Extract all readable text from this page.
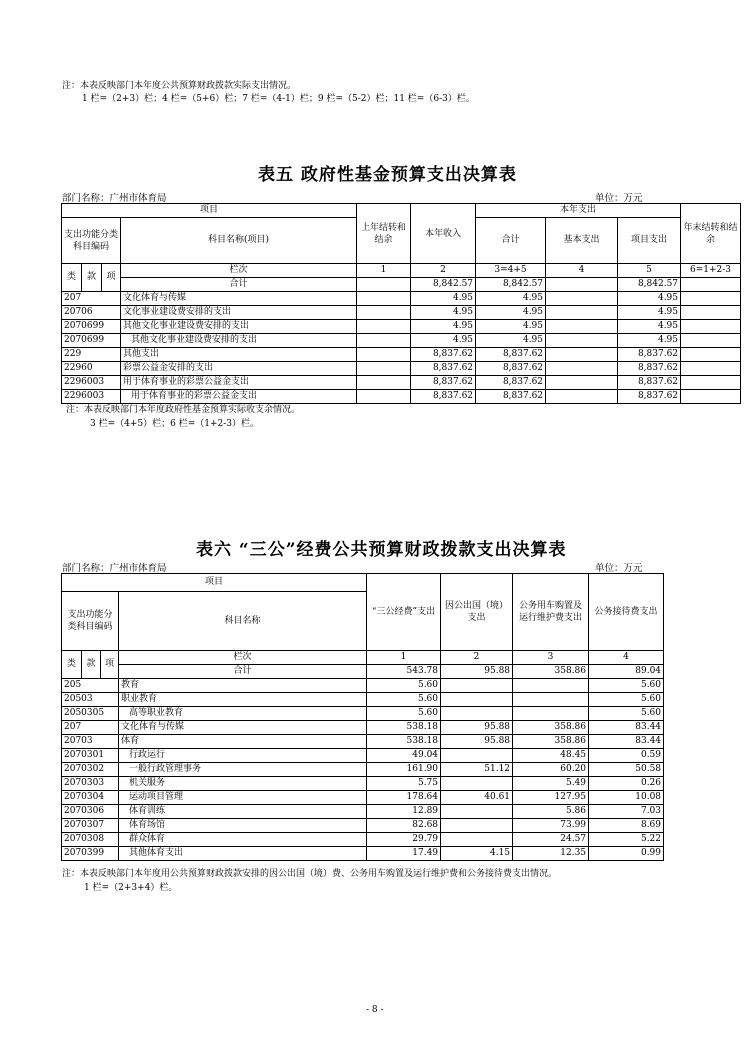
注：本表反映部门本年度公共预算财政拨款实际支出情况。
1 栏=（2+3）栏；4 栏=（5+6）栏；7 栏=（4-1）栏；9 栏=（5-2）栏；11 栏=（6-3）栏。
表五 政府性基金预算支出决算表
部门名称：广州市体育局	单位：万元
项目				上年结转和结余	本年收入	本年支出			年末结转和结余
支出功能分类科目编码			科目名称(项目)			合计	基本支出	项目支出	

类	款	项	栏次	1	2	3=4+5	4	5	6=1+2-3
			合计		8,842.57	8,842.57		8,842.57	
207			文化体育与传媒		4.95	4.95		4.95	
20706			文化事业建设费安排的支出		4.95	4.95		4.95	
2070699			其他文化事业建设费安排的支出		4.95	4.95		4.95	
2070699			其他文化事业建设费安排的支出		4.95	4.95		4.95	
229			其他支出		8,837.62	8,837.62		8,837.62	
22960			彩票公益金安排的支出		8,837.62	8,837.62		8,837.62	
2296003			用于体育事业的彩票公益金支出		8,837.62	8,837.62		8,837.62	
2296003			用于体育事业的彩票公益金支出		8,837.62	8,837.62		8,837.62	
注：本表反映部门本年度政府性基金预算实际收支余情况。
3 栏=（4+5）栏；6 栏=（1+2-3）栏。
表六 “三公”经费公共预算财政拨款支出决算表
部门名称：广州市体育局	单位：万元
项目				“三公经费”支出	因公出国（境）支出	公务用车购置及运行维护费支出	公务接待费支出
支出功能分类科目编码			科目名称				

类	款	项	栏次	1	2	3	4
			合计	543.78	95.88	358.86	89.04
205			教育	5.60			5.60
20503			职业教育	5.60			5.60
2050305			高等职业教育	5.60			5.60
207			文化体育与传媒	538.18	95.88	358.86	83.44
20703			体育	538.18	95.88	358.86	83.44
2070301			行政运行	49.04		48.45	0.59
2070302			一般行政管理事务	161.90	51.12	60.20	50.58
2070303			机关服务	5.75		5.49	0.26
2070304			运动项目管理	178.64	40.61	127.95	10.08
2070306			体育训练	12.89		5.86	7.03
2070307			体育场馆	82.68		73.99	8.69
2070308			群众体育	29.79		24.57	5.22
2070399			其他体育支出	17.49	4.15	12.35	0.99
注：本表反映部门本年度用公共预算财政拨款安排的因公出国（境）费、公务用车购置及运行维护费和公务接待费支出情况。
1 栏=（2+3+4）栏。
- 8 -
